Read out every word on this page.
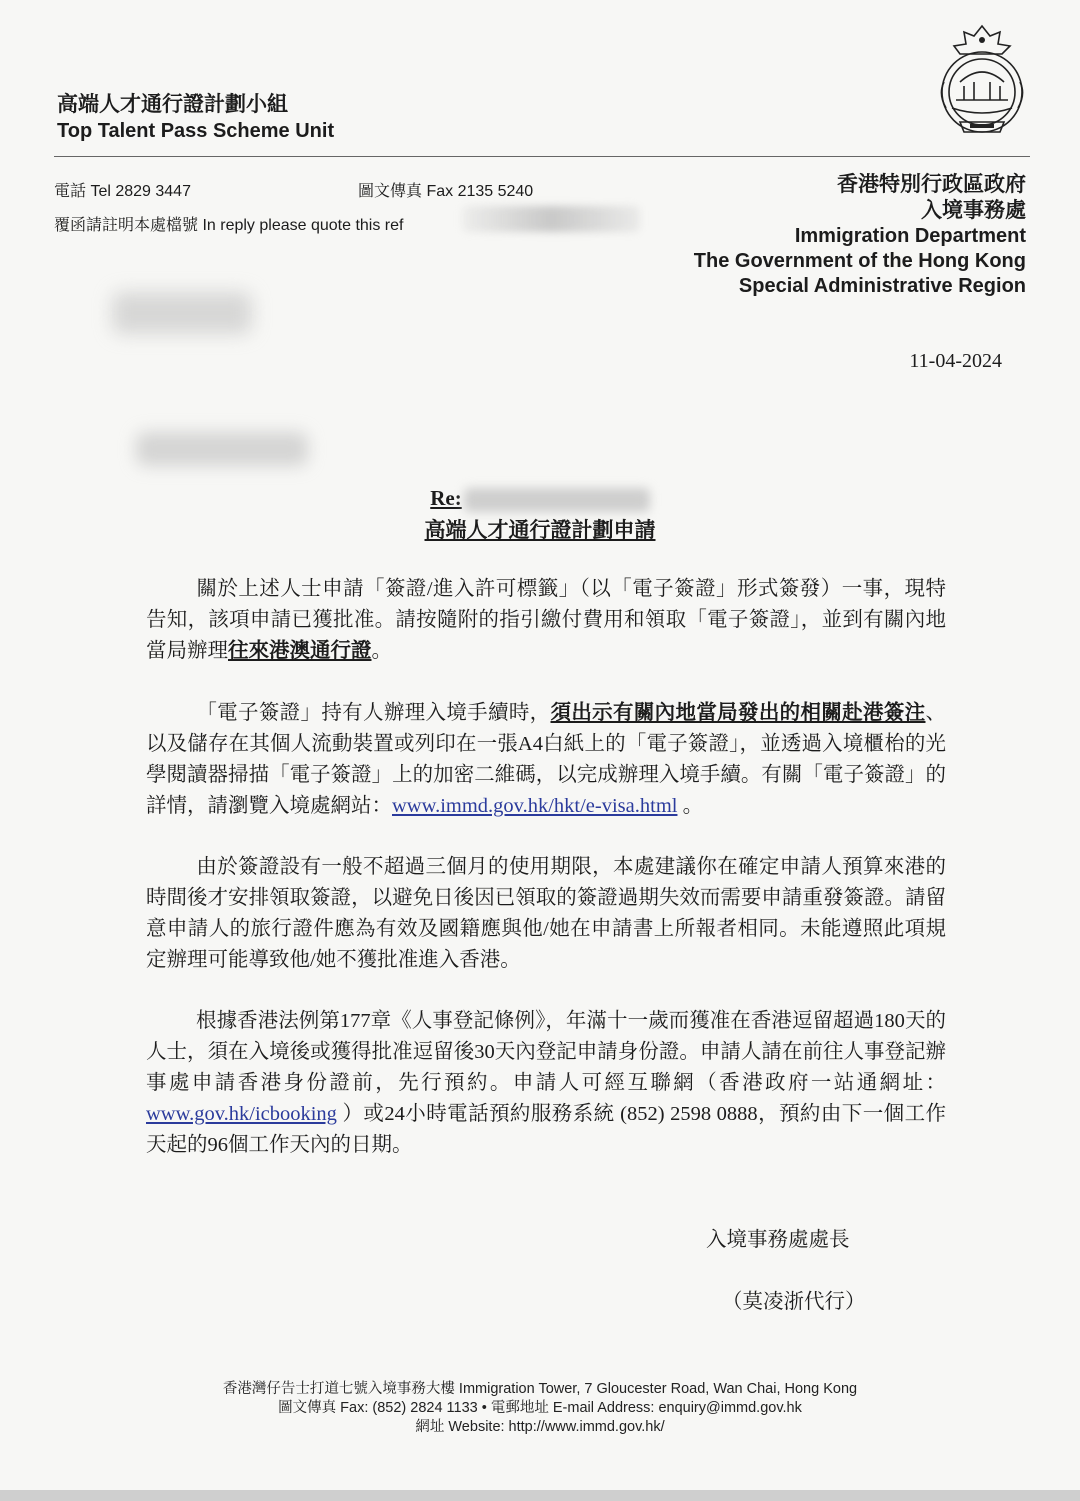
高端人才通行證計劃小組
Top Talent Pass Scheme Unit
電話 Tel 2829 3447	圖文傳真 Fax 2135 5240
覆函請註明本處檔號 In reply please quote this ref
香港特別行政區政府
入境事務處
Immigration Department
The Government of the Hong Kong
Special Administrative Region
11-04-2024
Re:
高端人才通行證計劃申請
關於上述人士申請「簽證/進入許可標籤」（以「電子簽證」形式簽發）一事，現特告知，該項申請已獲批准。請按隨附的指引繳付費用和領取「電子簽證」，並到有關內地當局辦理往來港澳通行證。
「電子簽證」持有人辦理入境手續時，須出示有關內地當局發出的相關赴港簽注、以及儲存在其個人流動裝置或列印在一張A4白紙上的「電子簽證」，並透過入境櫃枱的光學閱讀器掃描「電子簽證」上的加密二維碼，以完成辦理入境手續。有關「電子簽證」的詳情，請瀏覽入境處網站：www.immd.gov.hk/hkt/e-visa.html 。
由於簽證設有一般不超過三個月的使用期限，本處建議你在確定申請人預算來港的時間後才安排領取簽證，以避免日後因已領取的簽證過期失效而需要申請重發簽證。請留意申請人的旅行證件應為有效及國籍應與他/她在申請書上所報者相同。未能遵照此項規定辦理可能導致他/她不獲批准進入香港。
根據香港法例第177章《人事登記條例》，年滿十一歲而獲准在香港逗留超過180天的人士，須在入境後或獲得批准逗留後30天內登記申請身份證。申請人請在前往人事登記辦事處申請香港身份證前，先行預約。申請人可經互聯網（香港政府一站通網址：www.gov.hk/icbooking ）或24小時電話預約服務系統 (852) 2598 0888，預約由下一個工作天起的96個工作天內的日期。
入境事務處處長
（莫凌浙代行）
香港灣仔告士打道七號入境事務大樓 Immigration Tower, 7 Gloucester Road, Wan Chai, Hong Kong
圖文傳真 Fax: (852) 2824 1133 • 電郵地址 E-mail Address: enquiry@immd.gov.hk
網址 Website: http://www.immd.gov.hk/
